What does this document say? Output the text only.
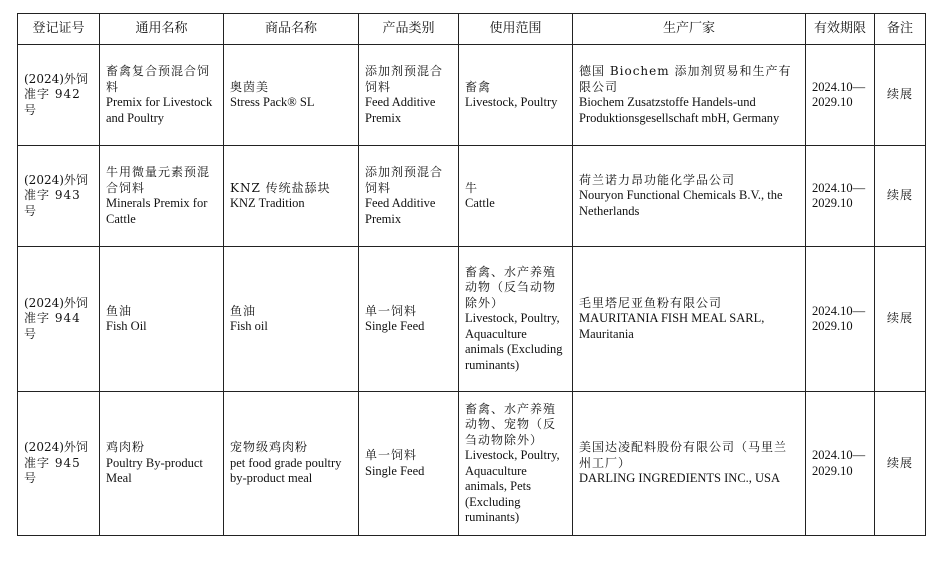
登记证号	通用名称	商品名称	产品类别	使用范围	生产厂家	有效期限	备注

(2024)外饲
准字 942 号	畜禽复合预混合饲料
Premix for Livestock and Poultry	奥茵美
Stress Pack® SL	添加剂预混合饲料
Feed Additive Premix	畜禽
Livestock, Poultry	德国 Biochem 添加剂贸易和生产有限公司
Biochem Zusatzstoffe Handels-und Produktionsgesellschaft mbH, Germany	2024.10—
2029.10	续展

(2024)外饲
准字 943 号	牛用微量元素预混合饲料
Minerals Premix for Cattle	KNZ 传统盐舔块
KNZ Tradition	添加剂预混合饲料
Feed Additive Premix	牛
Cattle	荷兰诺力昂功能化学品公司
Nouryon Functional Chemicals B.V., the Netherlands	2024.10—
2029.10	续展

(2024)外饲
准字 944 号	鱼油
Fish Oil	鱼油
Fish oil	单一饲料
Single Feed	畜禽、水产养殖动物（反刍动物除外）
Livestock, Poultry, Aquaculture animals (Excluding ruminants)	毛里塔尼亚鱼粉有限公司
MAURITANIA FISH MEAL SARL, Mauritania	2024.10—
2029.10	续展

(2024)外饲
准字 945 号	鸡肉粉
Poultry By-product Meal	宠物级鸡肉粉
pet food grade poultry by-product meal	单一饲料
Single Feed	畜禽、水产养殖动物、宠物（反刍动物除外）
Livestock, Poultry, Aquaculture animals, Pets (Excluding ruminants)	美国达凌配料股份有限公司（马里兰州工厂）
DARLING INGREDIENTS INC., USA	2024.10—
2029.10	续展
